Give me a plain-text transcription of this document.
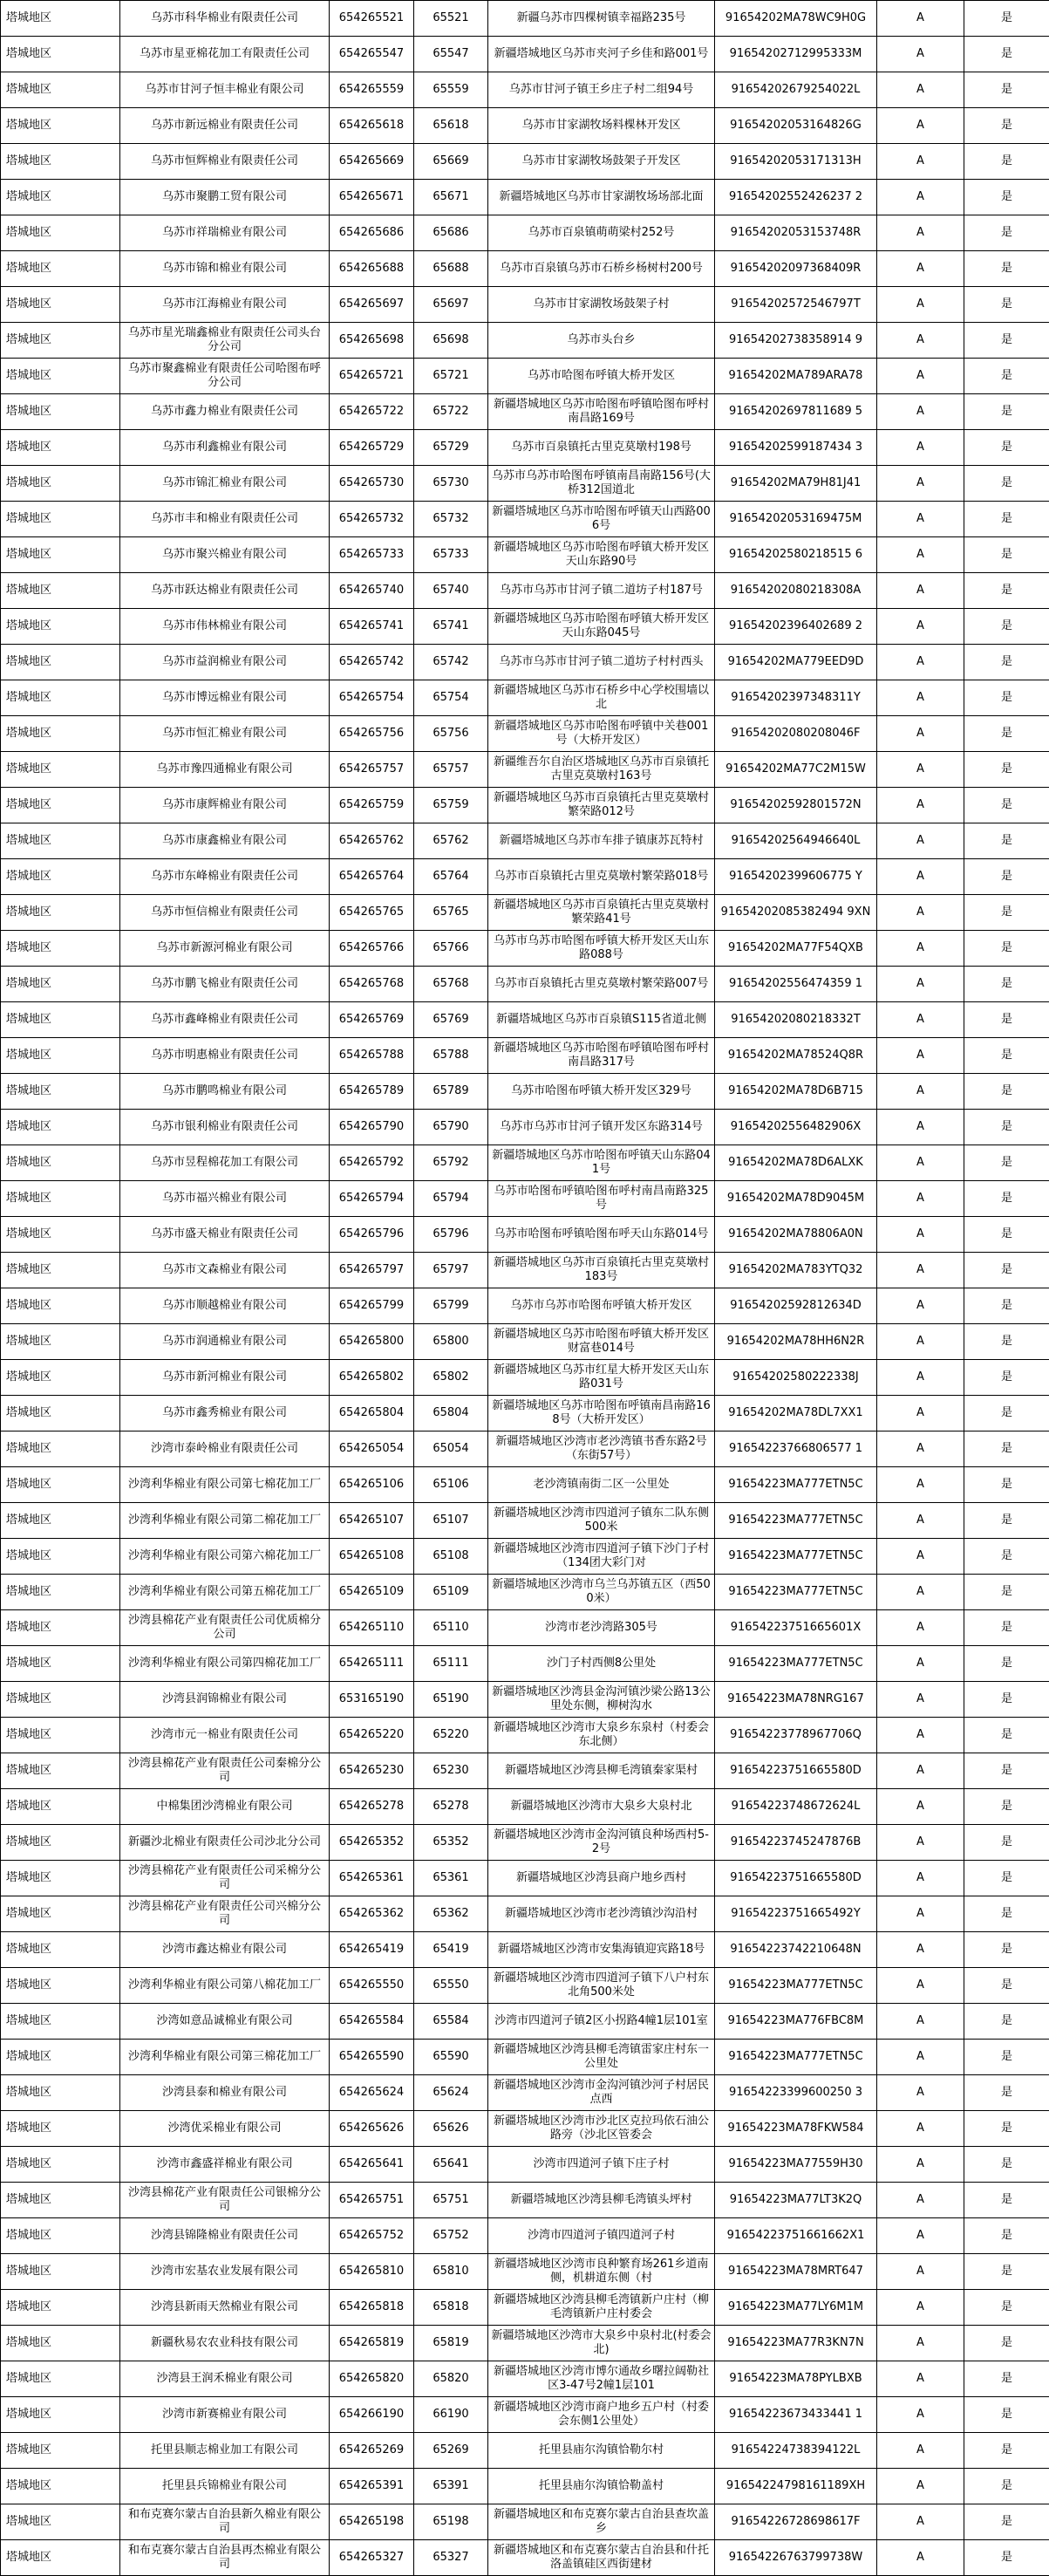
塔城地区	乌苏市科华棉业有限责任公司	654265521	65521	新疆乌苏市四棵树镇幸福路235号	91654202MA78WC9H0G	A	是
塔城地区	乌苏市星亚棉花加工有限责任公司	654265547	65547	新疆塔城地区乌苏市夹河子乡佳和路001号	91654202712995333M	A	是
塔城地区	乌苏市甘河子恒丰棉业有限公司	654265559	65559	乌苏市甘河子镇王乡庄子村二组94号	91654202679254022L	A	是
塔城地区	乌苏市新远棉业有限责任公司	654265618	65618	乌苏市甘家湖牧场料棵林开发区	91654202053164826G	A	是
塔城地区	乌苏市恒辉棉业有限责任公司	654265669	65669	乌苏市甘家湖牧场鼓架子开发区	91654202053171313H	A	是
塔城地区	乌苏市聚鹏工贸有限公司	654265671	65671	新疆塔城地区乌苏市甘家湖牧场场部北面	91654202552426237 2	A	是
塔城地区	乌苏市祥瑞棉业有限公司	654265686	65686	乌苏市百泉镇萌萌梁村252号	91654202053153748R	A	是
塔城地区	乌苏市锦和棉业有限公司	654265688	65688	乌苏市百泉镇乌苏市石桥乡杨树村200号	91654202097368409R	A	是
塔城地区	乌苏市江海棉业有限公司	654265697	65697	乌苏市甘家湖牧场鼓架子村	91654202572546797T	A	是
塔城地区	乌苏市星光瑞鑫棉业有限责任公司头台分公司	654265698	65698	乌苏市头台乡	91654202738358914 9	A	是
塔城地区	乌苏市聚鑫棉业有限责任公司哈图布呼分公司	654265721	65721	乌苏市哈图布呼镇大桥开发区	91654202MA789ARA78	A	是
塔城地区	乌苏市鑫力棉业有限责任公司	654265722	65722	新疆塔城地区乌苏市哈图布呼镇哈图布呼村南昌路169号	91654202697811689 5	A	是
塔城地区	乌苏市利鑫棉业有限公司	654265729	65729	乌苏市百泉镇托古里克莫墩村198号	91654202599187434 3	A	是
塔城地区	乌苏市锦汇棉业有限公司	654265730	65730	乌苏市乌苏市哈图布呼镇南昌南路156号(大桥312国道北	91654202MA79H81J41	A	是
塔城地区	乌苏市丰和棉业有限责任公司	654265732	65732	新疆塔城地区乌苏市哈图布呼镇天山西路006号	91654202053169475M	A	是
塔城地区	乌苏市聚兴棉业有限公司	654265733	65733	新疆塔城地区乌苏市哈图布呼镇大桥开发区天山东路90号	91654202580218515 6	A	是
塔城地区	乌苏市跃达棉业有限责任公司	654265740	65740	乌苏市乌苏市甘河子镇二道坊子村187号	91654202080218308A	A	是
塔城地区	乌苏市伟林棉业有限公司	654265741	65741	新疆塔城地区乌苏市哈图布呼镇大桥开发区天山东路045号	91654202396402689 2	A	是
塔城地区	乌苏市益润棉业有限公司	654265742	65742	乌苏市乌苏市甘河子镇二道坊子村村西头	91654202MA779EED9D	A	是
塔城地区	乌苏市博远棉业有限公司	654265754	65754	新疆塔城地区乌苏市石桥乡中心学校围墙以北	91654202397348311Y	A	是
塔城地区	乌苏市恒汇棉业有限公司	654265756	65756	新疆塔城地区乌苏市哈图布呼镇中关巷001号（大桥开发区）	91654202080208046F	A	是
塔城地区	乌苏市豫四通棉业有限公司	654265757	65757	新疆维吾尔自治区塔城地区乌苏市百泉镇托古里克莫墩村163号	91654202MA77C2M15W	A	是
塔城地区	乌苏市康辉棉业有限公司	654265759	65759	新疆塔城地区乌苏市百泉镇托古里克莫墩村繁荣路012号	91654202592801572N	A	是
塔城地区	乌苏市康鑫棉业有限公司	654265762	65762	新疆塔城地区乌苏市车排子镇康苏瓦特村	91654202564946640L	A	是
塔城地区	乌苏市东峰棉业有限责任公司	654265764	65764	乌苏市百泉镇托古里克莫墩村繁荣路018号	91654202399606775 Y	A	是
塔城地区	乌苏市恒信棉业有限责任公司	654265765	65765	新疆塔城地区乌苏市百泉镇托古里克莫墩村繁荣路41号	91654202085382494 9XN	A	是
塔城地区	乌苏市新源河棉业有限公司	654265766	65766	乌苏市乌苏市哈图布呼镇大桥开发区天山东路088号	91654202MA77F54QXB	A	是
塔城地区	乌苏市鹏飞棉业有限责任公司	654265768	65768	乌苏市百泉镇托古里克莫墩村繁荣路007号	91654202556474359 1	A	是
塔城地区	乌苏市鑫峰棉业有限责任公司	654265769	65769	新疆塔城地区乌苏市百泉镇S115省道北侧	91654202080218332T	A	是
塔城地区	乌苏市明惠棉业有限责任公司	654265788	65788	新疆塔城地区乌苏市哈图布呼镇哈图布呼村南昌路317号	91654202MA78524Q8R	A	是
塔城地区	乌苏市鹏鸣棉业有限公司	654265789	65789	乌苏市哈图布呼镇大桥开发区329号	91654202MA78D6B715	A	是
塔城地区	乌苏市银利棉业有限责任公司	654265790	65790	乌苏市乌苏市甘河子镇开发区东路314号	91654202556482906X	A	是
塔城地区	乌苏市昱程棉花加工有限公司	654265792	65792	新疆塔城地区乌苏市哈图布呼镇天山东路041号	91654202MA78D6ALXK	A	是
塔城地区	乌苏市福兴棉业有限公司	654265794	65794	乌苏市哈图布呼镇哈图布呼村南昌南路325号	91654202MA78D9045M	A	是
塔城地区	乌苏市盛天棉业有限责任公司	654265796	65796	乌苏市哈图布呼镇哈图布呼天山东路014号	91654202MA78806A0N	A	是
塔城地区	乌苏市文森棉业有限公司	654265797	65797	新疆塔城地区乌苏市百泉镇托古里克莫墩村183号	91654202MA783YTQ32	A	是
塔城地区	乌苏市顺越棉业有限公司	654265799	65799	乌苏市乌苏市哈图布呼镇大桥开发区	91654202592812634D	A	是
塔城地区	乌苏市润通棉业有限公司	654265800	65800	新疆塔城地区乌苏市哈图布呼镇大桥开发区财富巷014号	91654202MA78HH6N2R	A	是
塔城地区	乌苏市新河棉业有限公司	654265802	65802	新疆塔城地区乌苏市红星大桥开发区天山东路031号	91654202580222338J	A	是
塔城地区	乌苏市鑫秀棉业有限公司	654265804	65804	新疆塔城地区乌苏市哈图布呼镇南昌南路168号（大桥开发区）	91654202MA78DL7XX1	A	是
塔城地区	沙湾市泰岭棉业有限责任公司	654265054	65054	新疆塔城地区沙湾市老沙湾镇书香东路2号（东街57号）	91654223766806577 1	A	是
塔城地区	沙湾利华棉业有限公司第七棉花加工厂	654265106	65106	老沙湾镇南街二区一公里处	91654223MA777ETN5C	A	是
塔城地区	沙湾利华棉业有限公司第二棉花加工厂	654265107	65107	新疆塔城地区沙湾市四道河子镇东二队东侧500米	91654223MA777ETN5C	A	是
塔城地区	沙湾利华棉业有限公司第六棉花加工厂	654265108	65108	新疆塔城地区沙湾市四道河子镇下沙门子村（134团大彩门对	91654223MA777ETN5C	A	是
塔城地区	沙湾利华棉业有限公司第五棉花加工厂	654265109	65109	新疆塔城地区沙湾市乌兰乌苏镇五区（西500米）	91654223MA777ETN5C	A	是
塔城地区	沙湾县棉花产业有限责任公司优质棉分公司	654265110	65110	沙湾市老沙湾路305号	91654223751665601X	A	是
塔城地区	沙湾利华棉业有限公司第四棉花加工厂	654265111	65111	沙门子村西侧8公里处	91654223MA777ETN5C	A	是
塔城地区	沙湾县润锦棉业有限公司	653165190	65190	新疆塔城地区沙湾县金沟河镇沙梁公路13公里处东侧，柳树沟水	91654223MA78NRG167	A	是
塔城地区	沙湾市元一棉业有限责任公司	654265220	65220	新疆塔城地区沙湾市大泉乡东泉村（村委会东北侧）	91654223778967706Q	A	是
塔城地区	沙湾县棉花产业有限责任公司秦棉分公司	654265230	65230	新疆塔城地区沙湾县柳毛湾镇秦家渠村	91654223751665580D	A	是
塔城地区	中棉集团沙湾棉业有限公司	654265278	65278	新疆塔城地区沙湾市大泉乡大泉村北	91654223748672624L	A	是
塔城地区	新疆沙北棉业有限责任公司沙北分公司	654265352	65352	新疆塔城地区沙湾市金沟河镇良种场西村5-2号	91654223745247876B	A	是
塔城地区	沙湾县棉花产业有限责任公司采棉分公司	654265361	65361	新疆塔城地区沙湾县商户地乡西村	91654223751665580D	A	是
塔城地区	沙湾县棉花产业有限责任公司兴棉分公司	654265362	65362	新疆塔城地区沙湾市老沙湾镇沙沟沿村	91654223751665492Y	A	是
塔城地区	沙湾市鑫达棉业有限公司	654265419	65419	新疆塔城地区沙湾市安集海镇迎宾路18号	91654223742210648N	A	是
塔城地区	沙湾利华棉业有限公司第八棉花加工厂	654265550	65550	新疆塔城地区沙湾市四道河子镇下八户村东北角500米处	91654223MA777ETN5C	A	是
塔城地区	沙湾如意品诚棉业有限公司	654265584	65584	沙湾市四道河子镇2区小拐路4幢1层101室	91654223MA776FBC8M	A	是
塔城地区	沙湾利华棉业有限公司第三棉花加工厂	654265590	65590	新疆塔城地区沙湾县柳毛湾镇雷家庄村东一公里处	91654223MA777ETN5C	A	是
塔城地区	沙湾县泰和棉业有限公司	654265624	65624	新疆塔城地区沙湾市金沟河镇沙河子村居民点西	91654223399600250 3	A	是
塔城地区	沙湾优采棉业有限公司	654265626	65626	新疆塔城地区沙湾市沙北区克拉玛依石油公路旁（沙北区管委会	91654223MA78FKW584	A	是
塔城地区	沙湾市鑫盛祥棉业有限公司	654265641	65641	沙湾市四道河子镇下庄子村	91654223MA77559H30	A	是
塔城地区	沙湾县棉花产业有限责任公司银棉分公司	654265751	65751	新疆塔城地区沙湾县柳毛湾镇头坪村	91654223MA77LT3K2Q	A	是
塔城地区	沙湾县锦隆棉业有限责任公司	654265752	65752	沙湾市四道河子镇四道河子村	91654223751661662X1	A	是
塔城地区	沙湾市宏基农业发展有限公司	654265810	65810	新疆塔城地区沙湾市良种繁育场261乡道南侧，机耕道东侧（村	91654223MA78MRT647	A	是
塔城地区	沙湾县新雨天然棉业有限公司	654265818	65818	新疆塔城地区沙湾县柳毛湾镇新户庄村（柳毛湾镇新户庄村委会	91654223MA77LY6M1M	A	是
塔城地区	新疆秋易农农业科技有限公司	654265819	65819	新疆塔城地区沙湾市大泉乡中泉村北(村委会北)	91654223MA77R3KN7N	A	是
塔城地区	沙湾县王润禾棉业有限公司	654265820	65820	新疆塔城地区沙湾市博尔通故乡曙拉阔勒社区3-47号2幢1层101	91654223MA78PYLBXB	A	是
塔城地区	沙湾市新赛棉业有限公司	654266190	66190	新疆塔城地区沙湾市商户地乡五户村（村委会东侧1公里处）	91654223673433441 1	A	是
塔城地区	托里县顺志棉业加工有限公司	654265269	65269	托里县庙尔沟镇恰勒尔村	91654224738394122L	A	是
塔城地区	托里县兵锦棉业有限公司	654265391	65391	托里县庙尔沟镇恰勒盖村	91654224798161189XH	A	是
塔城地区	和布克赛尔蒙古自治县新久棉业有限公司	654265198	65198	新疆塔城地区和布克赛尔蒙古自治县查坎盖乡	91654226728698617F	A	是
塔城地区	和布克赛尔蒙古自治县再杰棉业有限公司	654265327	65327	新疆塔城地区和布克赛尔蒙古自治县和什托洛盖镇硅区西街建材	91654226763799738W	A	是
